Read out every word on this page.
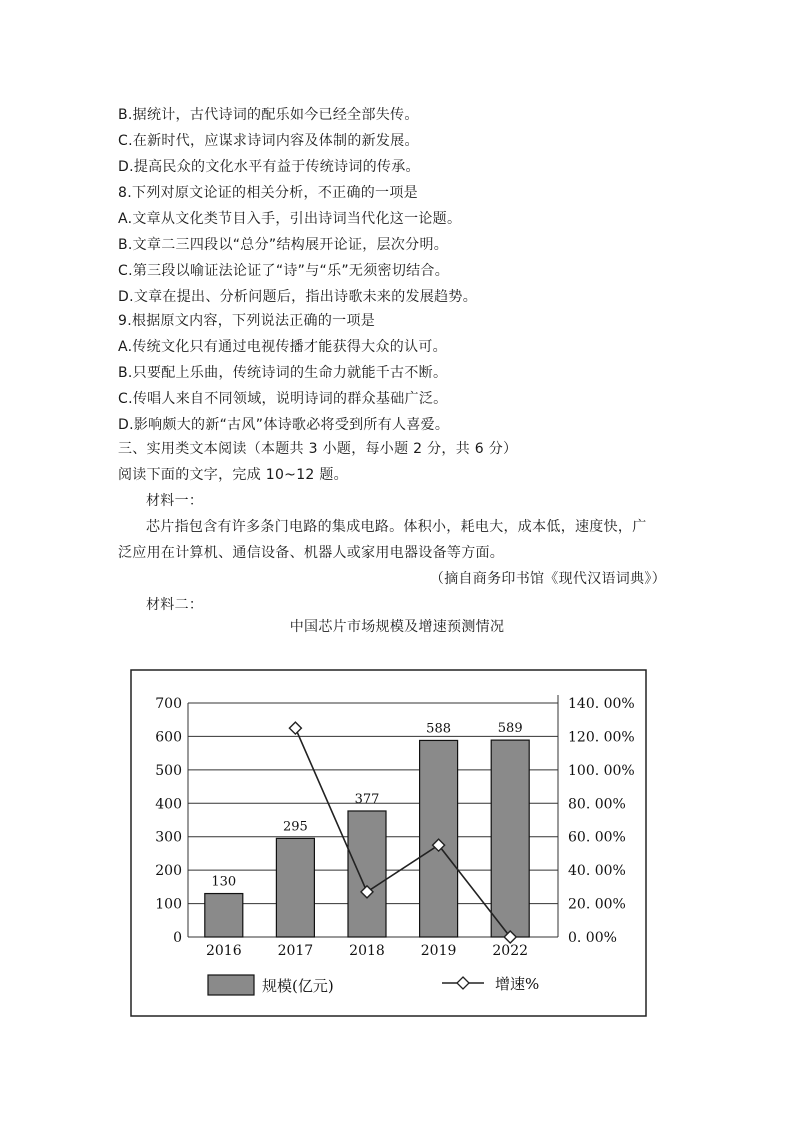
B.据统计，古代诗词的配乐如今已经全部失传。
C.在新时代，应谋求诗词内容及体制的新发展。
D.提高民众的文化水平有益于传统诗词的传承。
8.下列对原文论证的相关分析，不正确的一项是
A.文章从文化类节目入手，引出诗词当代化这一论题。
B.文章二三四段以“总分”结构展开论证，层次分明。
C.第三段以喻证法论证了“诗”与“乐”无须密切结合。
D.文章在提出、分析问题后，指出诗歌未来的发展趋势。
9.根据原文内容，下列说法正确的一项是
A.传统文化只有通过电视传播才能获得大众的认可。
B.只要配上乐曲，传统诗词的生命力就能千古不断。
C.传唱人来自不同领域，说明诗词的群众基础广泛。
D.影响颇大的新“古风”体诗歌必将受到所有人喜爱。
三、实用类文本阅读（本题共 3 小题，每小题 2 分，共 6 分）
阅读下面的文字，完成 10~12 题。
材料一：
芯片指包含有许多条门电路的集成电路。体积小，耗电大，成本低，速度快，广
泛应用在计算机、通信设备、机器人或家用电器设备等方面。
（摘自商务印书馆《现代汉语词典》）
材料二：
中国芯片市场规模及增速预测情况
130
295
377
588	589
0
100
200
300
400
500
600
700
0. 00%
20. 00%
40. 00%
60. 00%
80. 00%
100. 00%
120. 00%
140. 00%
2016	2017	2018	2019	2022
规模(亿元)	增速%
